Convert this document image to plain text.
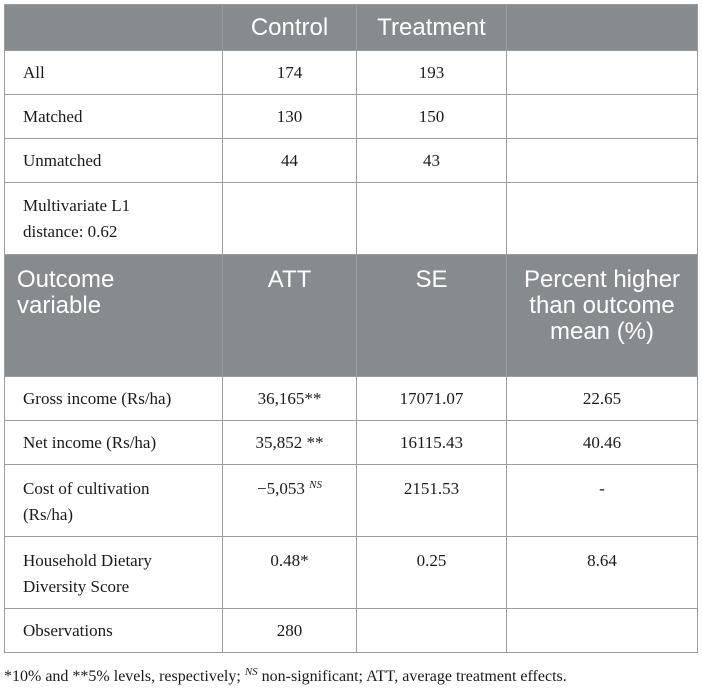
	Control	Treatment	
All	174	193	
Matched	130	150	
Unmatched	44	43	
Multivariate L1 distance: 0.62			
Outcome variable	ATT	SE	Percent higher than outcome mean (%)
Gross income (Rs/ha)	36,165**	17071.07	22.65
Net income (Rs/ha)	35,852 **	16115.43	40.46
Cost of cultivation (Rs/ha)	−5,053 $^{NS}$	2151.53	-
Household Dietary Diversity Score	0.48*	0.25	8.64
Observations	280		
*10% and **5% levels, respectively; $^{NS}$ non-significant; ATT, average treatment effects.
